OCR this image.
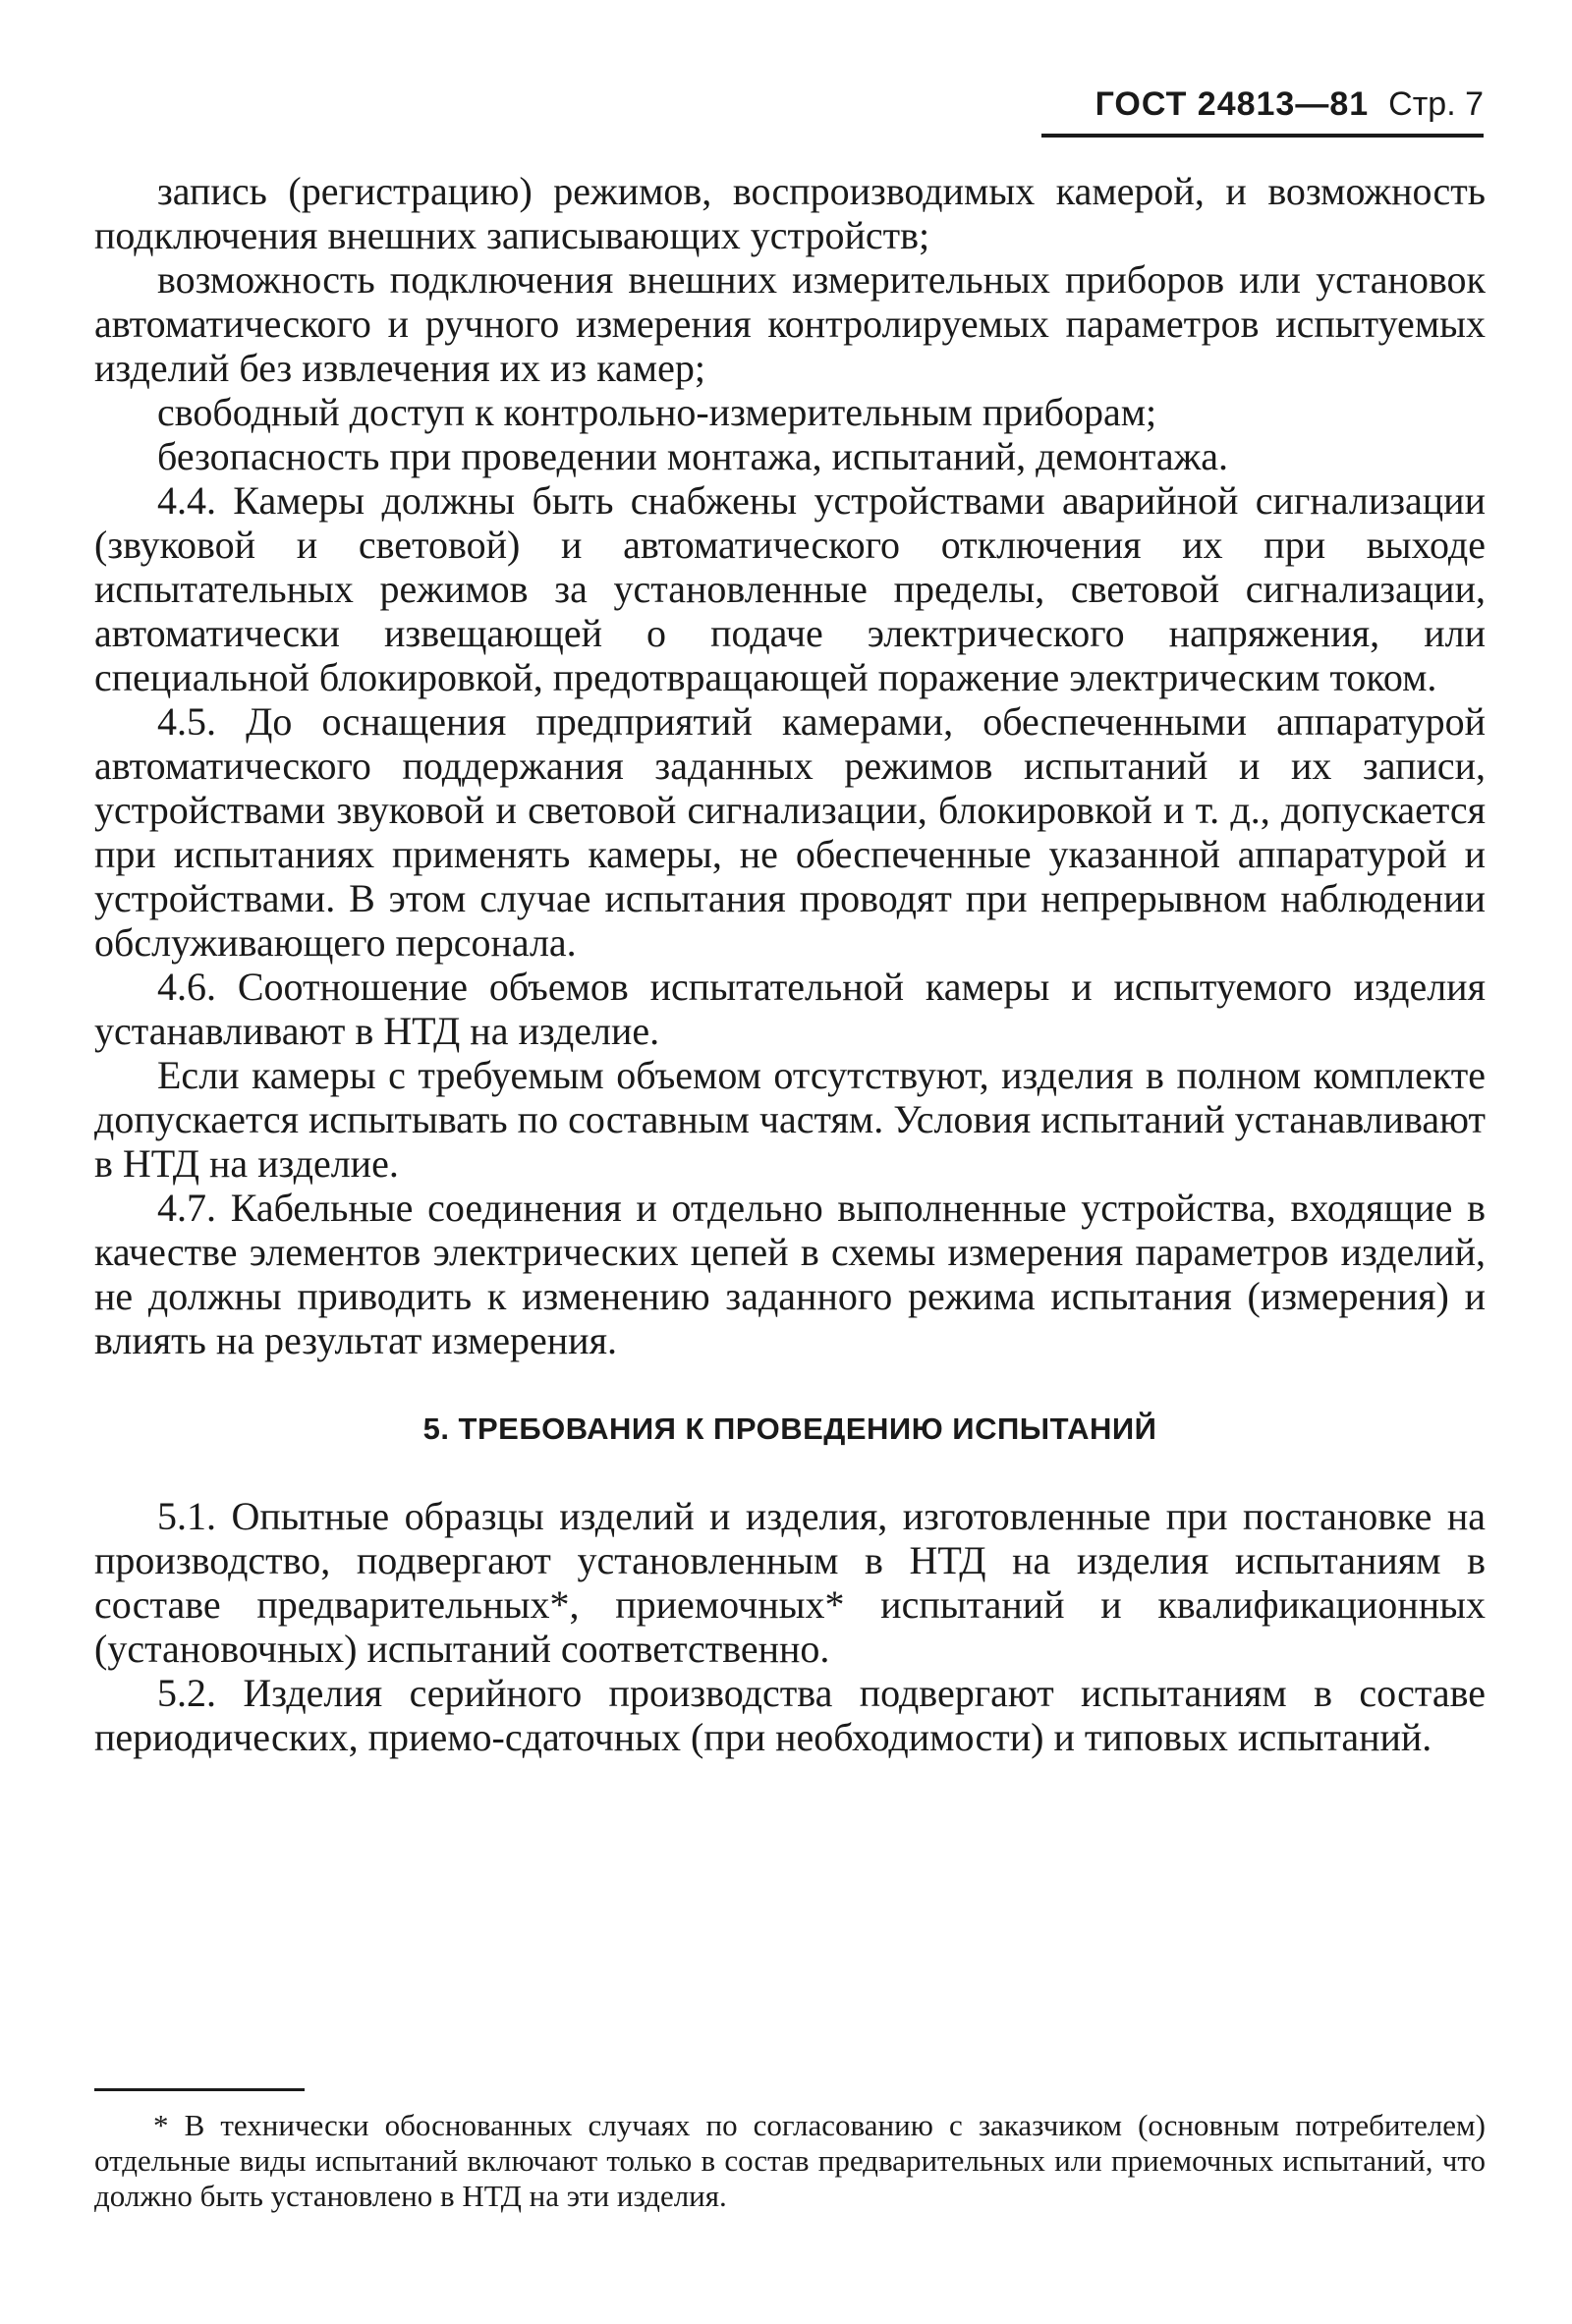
ГОСТ 24813—81 Стр. 7

запись (регистрацию) режимов, воспроизводимых камерой, и возможность подключения внешних записывающих устройств;

возможность подключения внешних измерительных приборов или установок автоматического и ручного измерения контролируемых параметров испытуемых изделий без извлечения их из камер;

свободный доступ к контрольно-измерительным приборам;

безопасность при проведении монтажа, испытаний, демонтажа.

4.4. Камеры должны быть снабжены устройствами аварийной сигнализации (звуковой и световой) и автоматического отключения их при выходе испытательных режимов за установленные пределы, световой сигнализации, автоматически извещающей о подаче электрического напряжения, или специальной блокировкой, предотвращающей поражение электрическим током.

4.5. До оснащения предприятий камерами, обеспеченными аппаратурой автоматического поддержания заданных режимов испытаний и их записи, устройствами звуковой и световой сигнализации, блокировкой и т. д., допускается при испытаниях применять камеры, не обеспеченные указанной аппаратурой и устройствами. В этом случае испытания проводят при непрерывном наблюдении обслуживающего персонала.

4.6. Соотношение объемов испытательной камеры и испытуемого изделия устанавливают в НТД на изделие.

Если камеры с требуемым объемом отсутствуют, изделия в полном комплекте допускается испытывать по составным частям. Условия испытаний устанавливают в НТД на изделие.

4.7. Кабельные соединения и отдельно выполненные устройства, входящие в качестве элементов электрических цепей в схемы измерения параметров изделий, не должны приводить к изменению заданного режима испытания (измерения) и влиять на результат измерения.

5. ТРЕБОВАНИЯ К ПРОВЕДЕНИЮ ИСПЫТАНИЙ

5.1. Опытные образцы изделий и изделия, изготовленные при постановке на производство, подвергают установленным в НТД на изделия испытаниям в составе предварительных*, приемочных* испытаний и квалификационных (установочных) испытаний соответственно.

5.2. Изделия серийного производства подвергают испытаниям в составе периодических, приемо-сдаточных (при необходимости) и типовых испытаний.

* В технически обоснованных случаях по согласованию с заказчиком (основным потребителем) отдельные виды испытаний включают только в состав предварительных или приемочных испытаний, что должно быть установлено в НТД на эти изделия.
